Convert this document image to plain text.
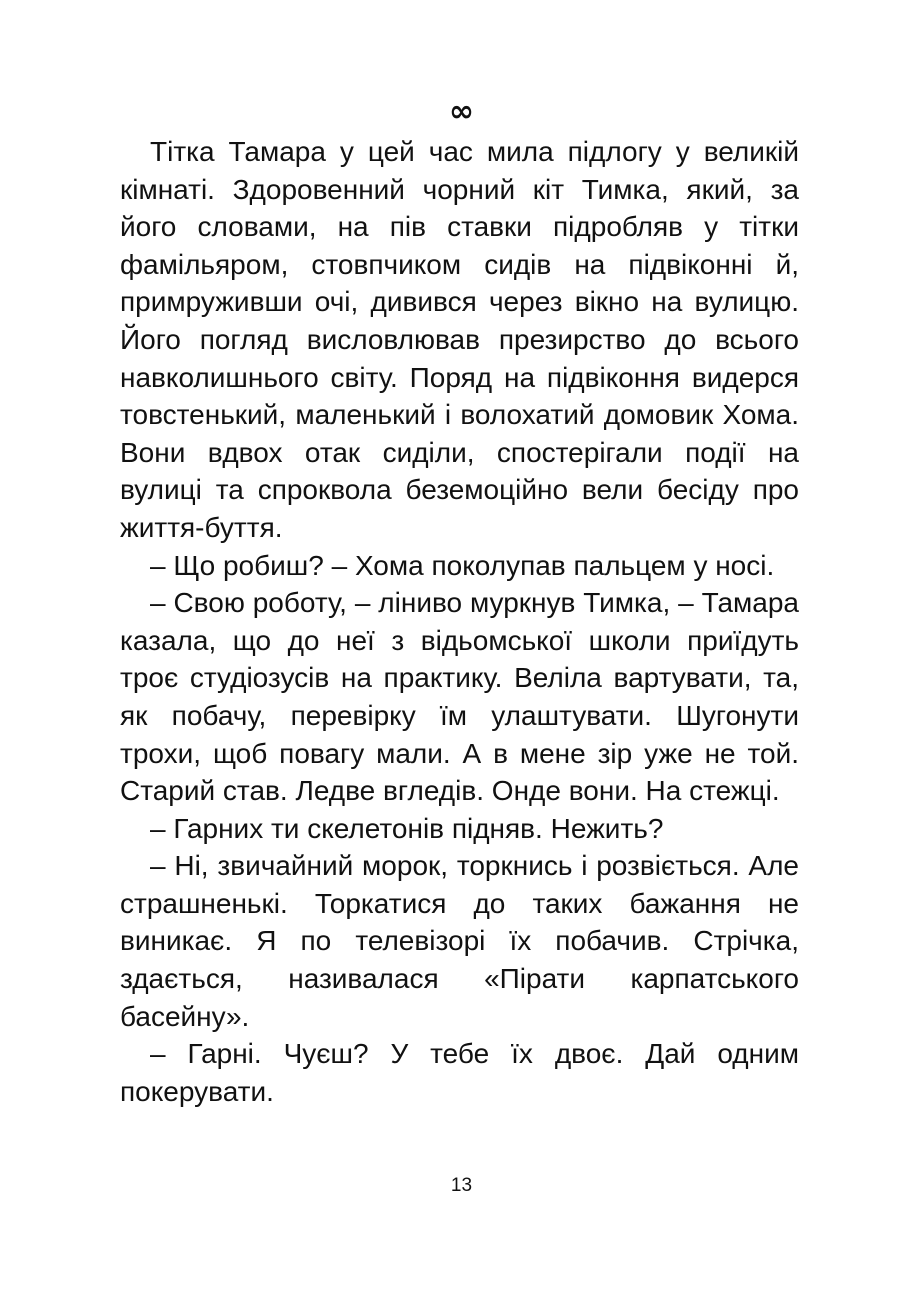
∞

Тітка Тамара у цей час мила підлогу у великій кімнаті. Здоровенний чорний кіт Тимка, який, за його словами, на пів ставки підробляв у тітки фамільяром, стовпчиком сидів на підвіконні й, примруживши очі, дивився через вікно на вулицю. Його погляд висловлював презирство до всього навколишнього світу. Поряд на підвіконня видерся товстенький, маленький і волохатий домовик Хома. Вони вдвох отак сиділи, спостерігали події на вулиці та спроквола беземоційно вели бесіду про життя-буття.

– Що робиш? – Хома поколупав пальцем у носі.

– Свою роботу, – ліниво муркнув Тимка, – Тамара казала, що до неї з відьомської школи приїдуть троє студіозусів на практику. Веліла вартувати, та, як побачу, перевірку їм улаштувати. Шугонути трохи, щоб повагу мали. А в мене зір уже не той. Старий став. Ледве вгледів. Онде вони. На стежці.

– Гарних ти скелетонів підняв. Нежить?

– Ні, звичайний морок, торкнись і розвіється. Але страшненькі. Торкатися до таких бажання не виникає. Я по телевізорі їх побачив. Стрічка, здається, називалася «Пірати карпатського басейну».

– Гарні. Чуєш? У тебе їх двоє. Дай одним покерувати.

13
